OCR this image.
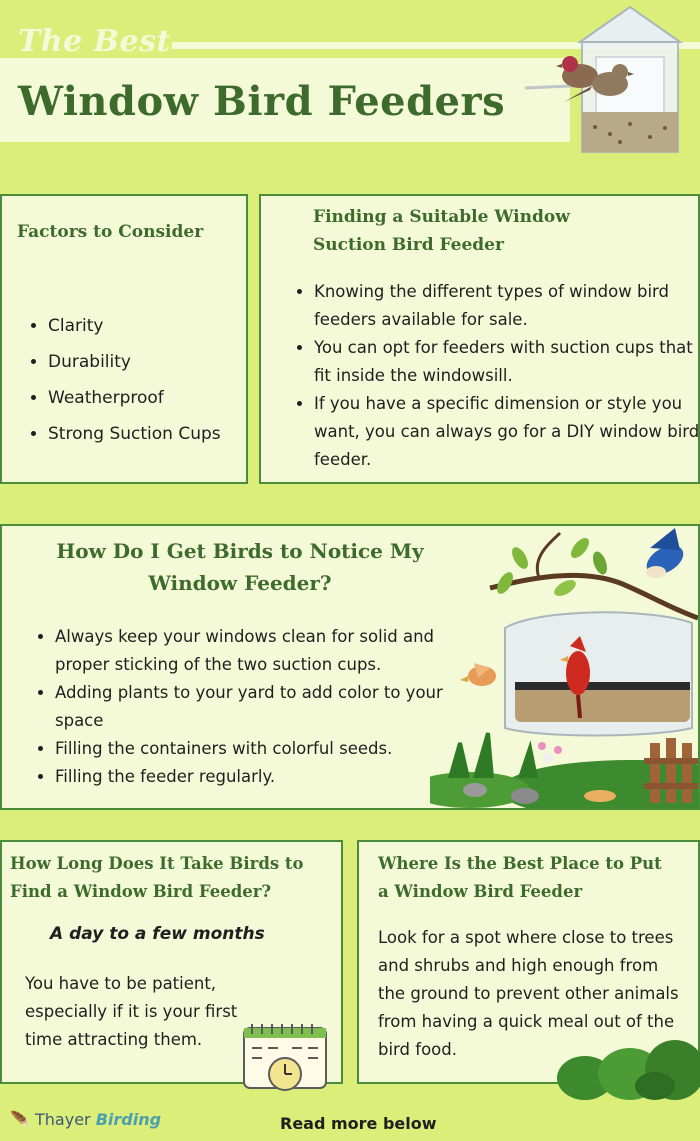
The Best
Window Bird Feeders
Factors to Consider
• Clarity
• Durability
• Weatherproof
• Strong Suction Cups
Finding a Suitable Window Suction Bird Feeder
• Knowing the different types of window bird feeders available for sale.
• You can opt for feeders with suction cups that fit inside the windowsill.
• If you have a specific dimension or style you want, you can always go for a DIY window bird feeder.
How Do I Get Birds to Notice My Window Feeder?
• Always keep your windows clean for solid and proper sticking of the two suction cups.
• Adding plants to your yard to add color to your space
• Filling the containers with colorful seeds.
• Filling the feeder regularly.
How Long Does It Take Birds to Find a Window Bird Feeder?
A day to a few months
You have to be patient, especially if it is your first time attracting them.
Where Is the Best Place to Put a Window Bird Feeder
Look for a spot where close to trees and shrubs and high enough from the ground to prevent other animals from having a quick meal out of the bird food.
🪶 Thayer Birding	Read more below
